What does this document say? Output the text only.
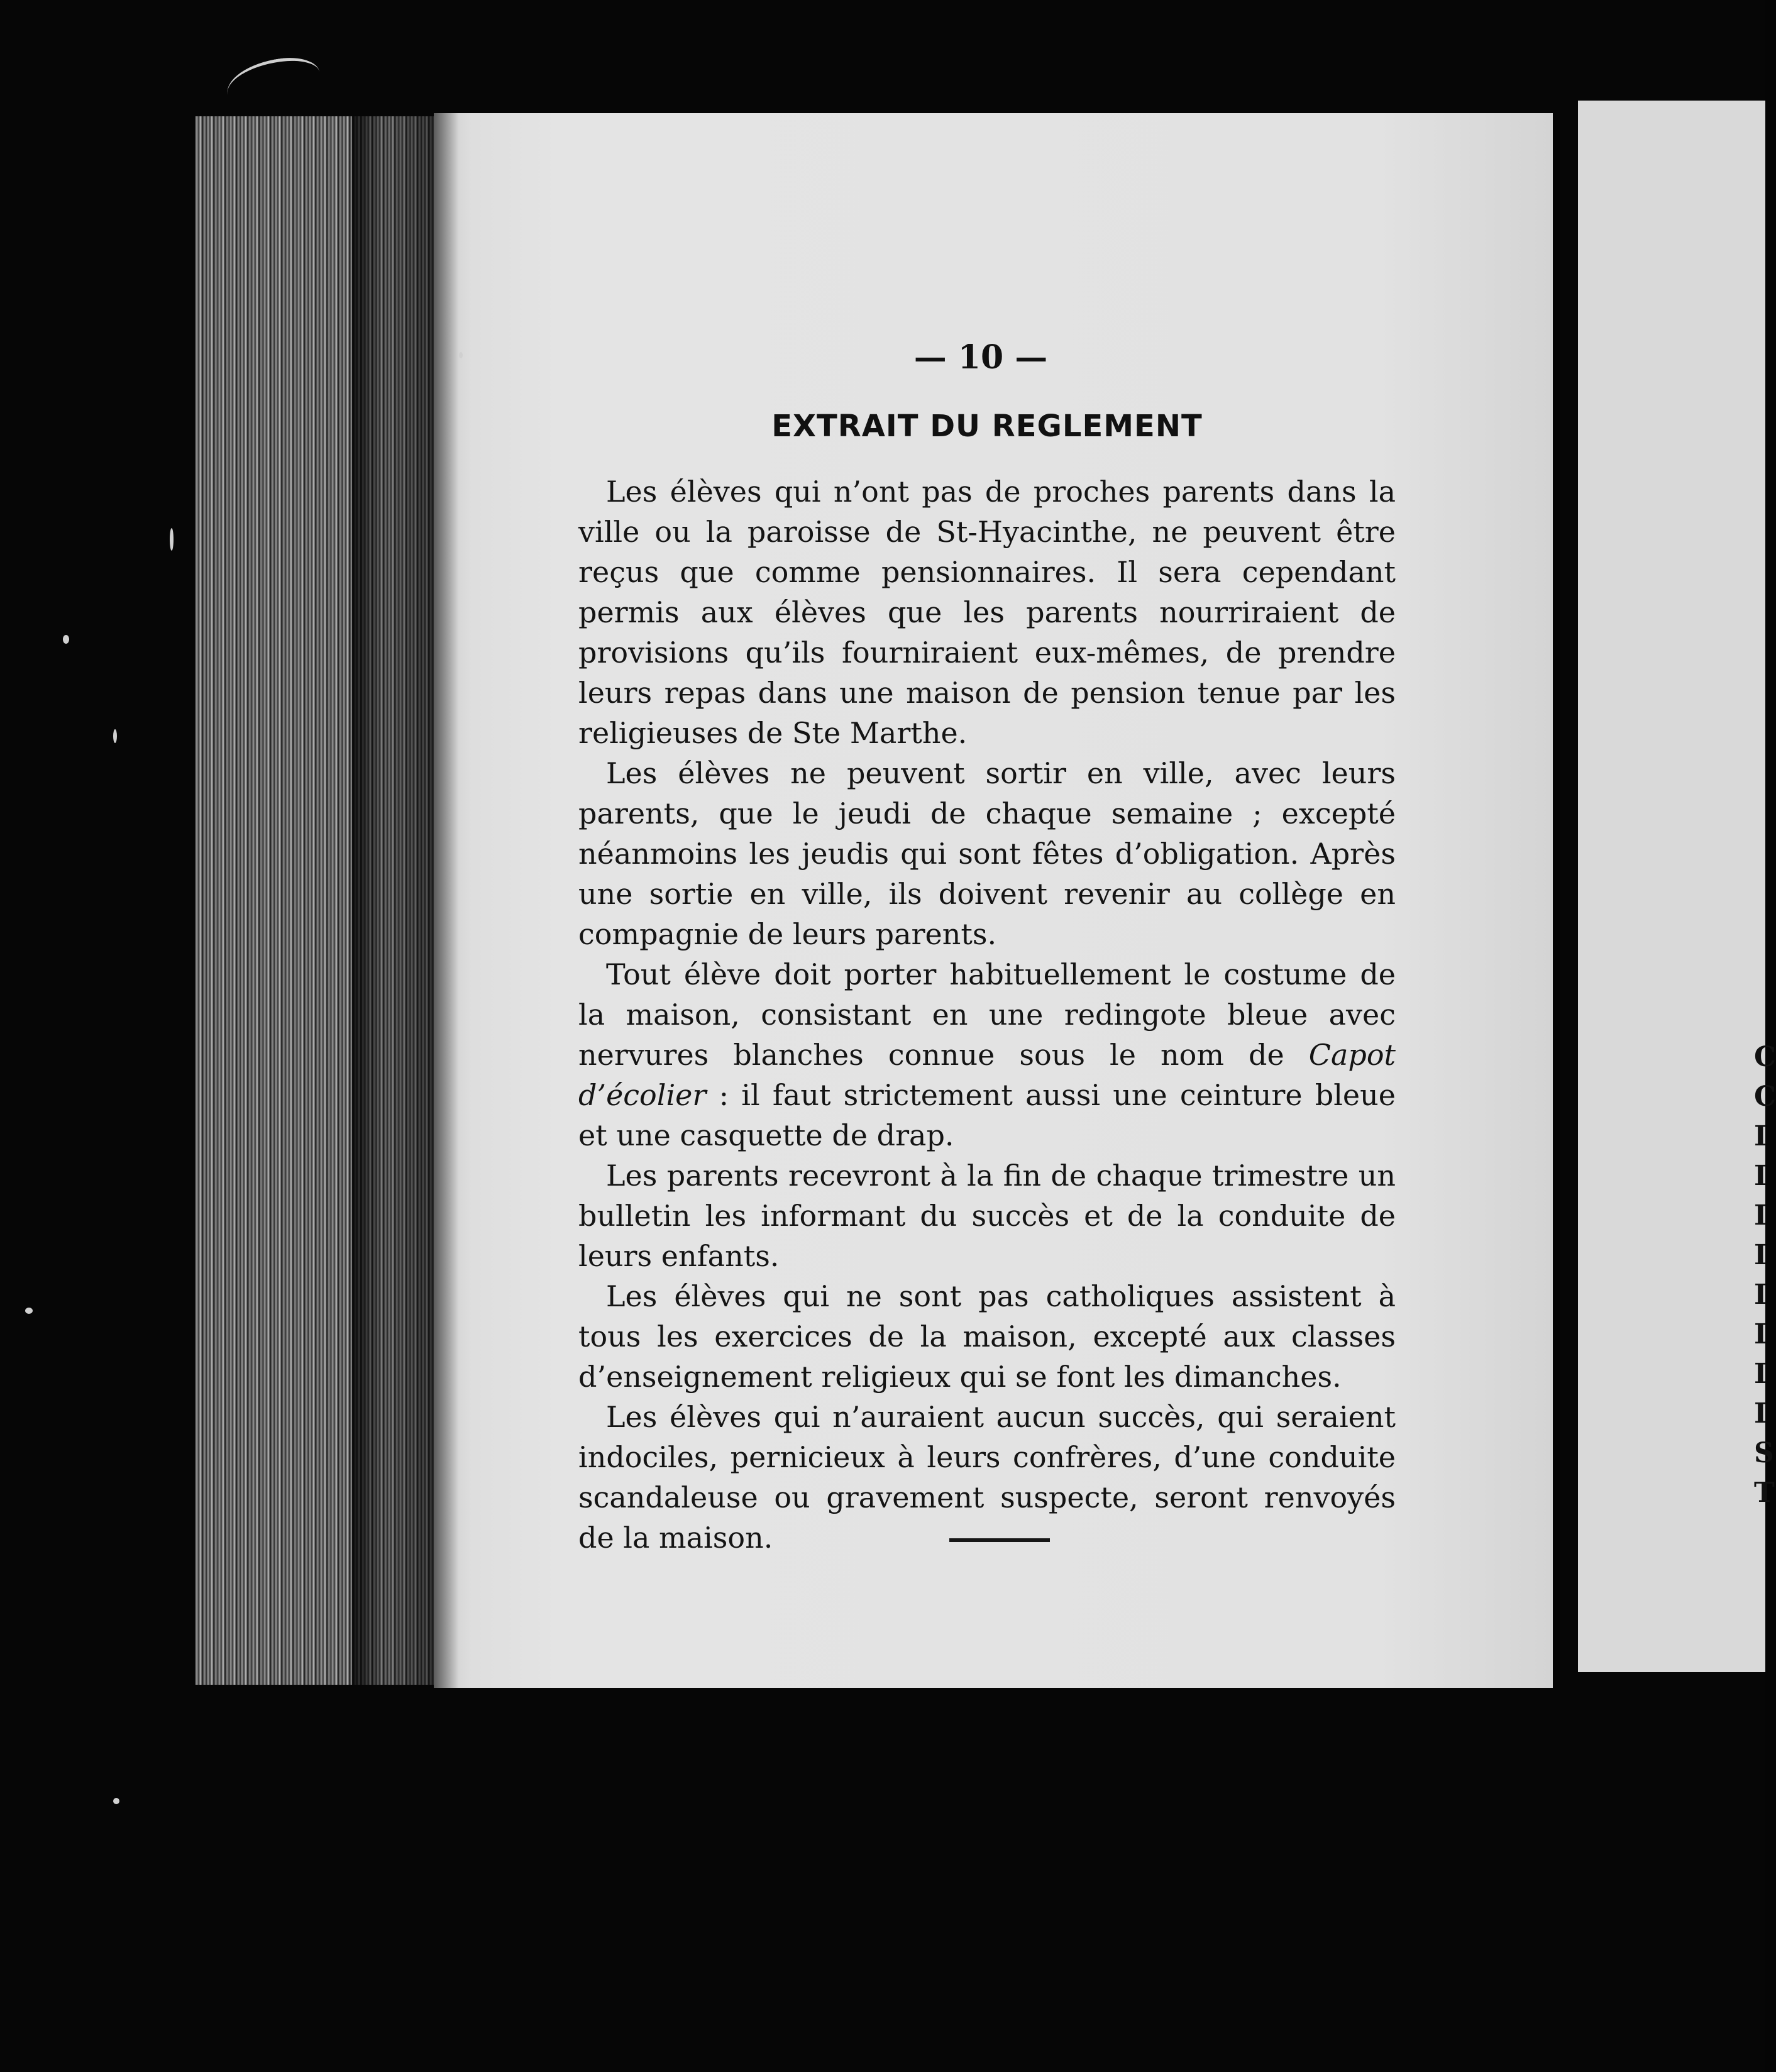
C
C
I
I
I
I
I
I
I
I
S
T
— 10 —
EXTRAIT DU REGLEMENT

Les élèves qui n’ont pas de proches parents dans la ville ou la paroisse de St-Hyacinthe, ne peuvent être reçus que comme pensionnaires. Il sera cependant permis aux élèves que les parents nourriraient de provisions qu’ils fourniraient eux-mêmes, de prendre leurs repas dans une maison de pension tenue par les religieuses de Ste Marthe.

Les élèves ne peuvent sortir en ville, avec leurs parents, que le jeudi de chaque semaine ; excepté néanmoins les jeudis qui sont fêtes d’obligation. Après une sortie en ville, ils doivent revenir au collège en compagnie de leurs parents.

Tout élève doit porter habituellement le costume de la maison, consistant en une redingote bleue avec nervures blanches connue sous le nom de Capot d’écolier : il faut strictement aussi une ceinture bleue et une casquette de drap.

Les parents recevront à la fin de chaque trimestre un bulletin les informant du succès et de la conduite de leurs enfants.

Les élèves qui ne sont pas catholiques assistent à tous les exercices de la maison, excepté aux classes d’enseignement religieux qui se font les dimanches.

Les élèves qui n’auraient aucun succès, qui seraient indociles, pernicieux à leurs confrères, d’une conduite scandaleuse ou gravement suspecte, seront renvoyés de la maison.
